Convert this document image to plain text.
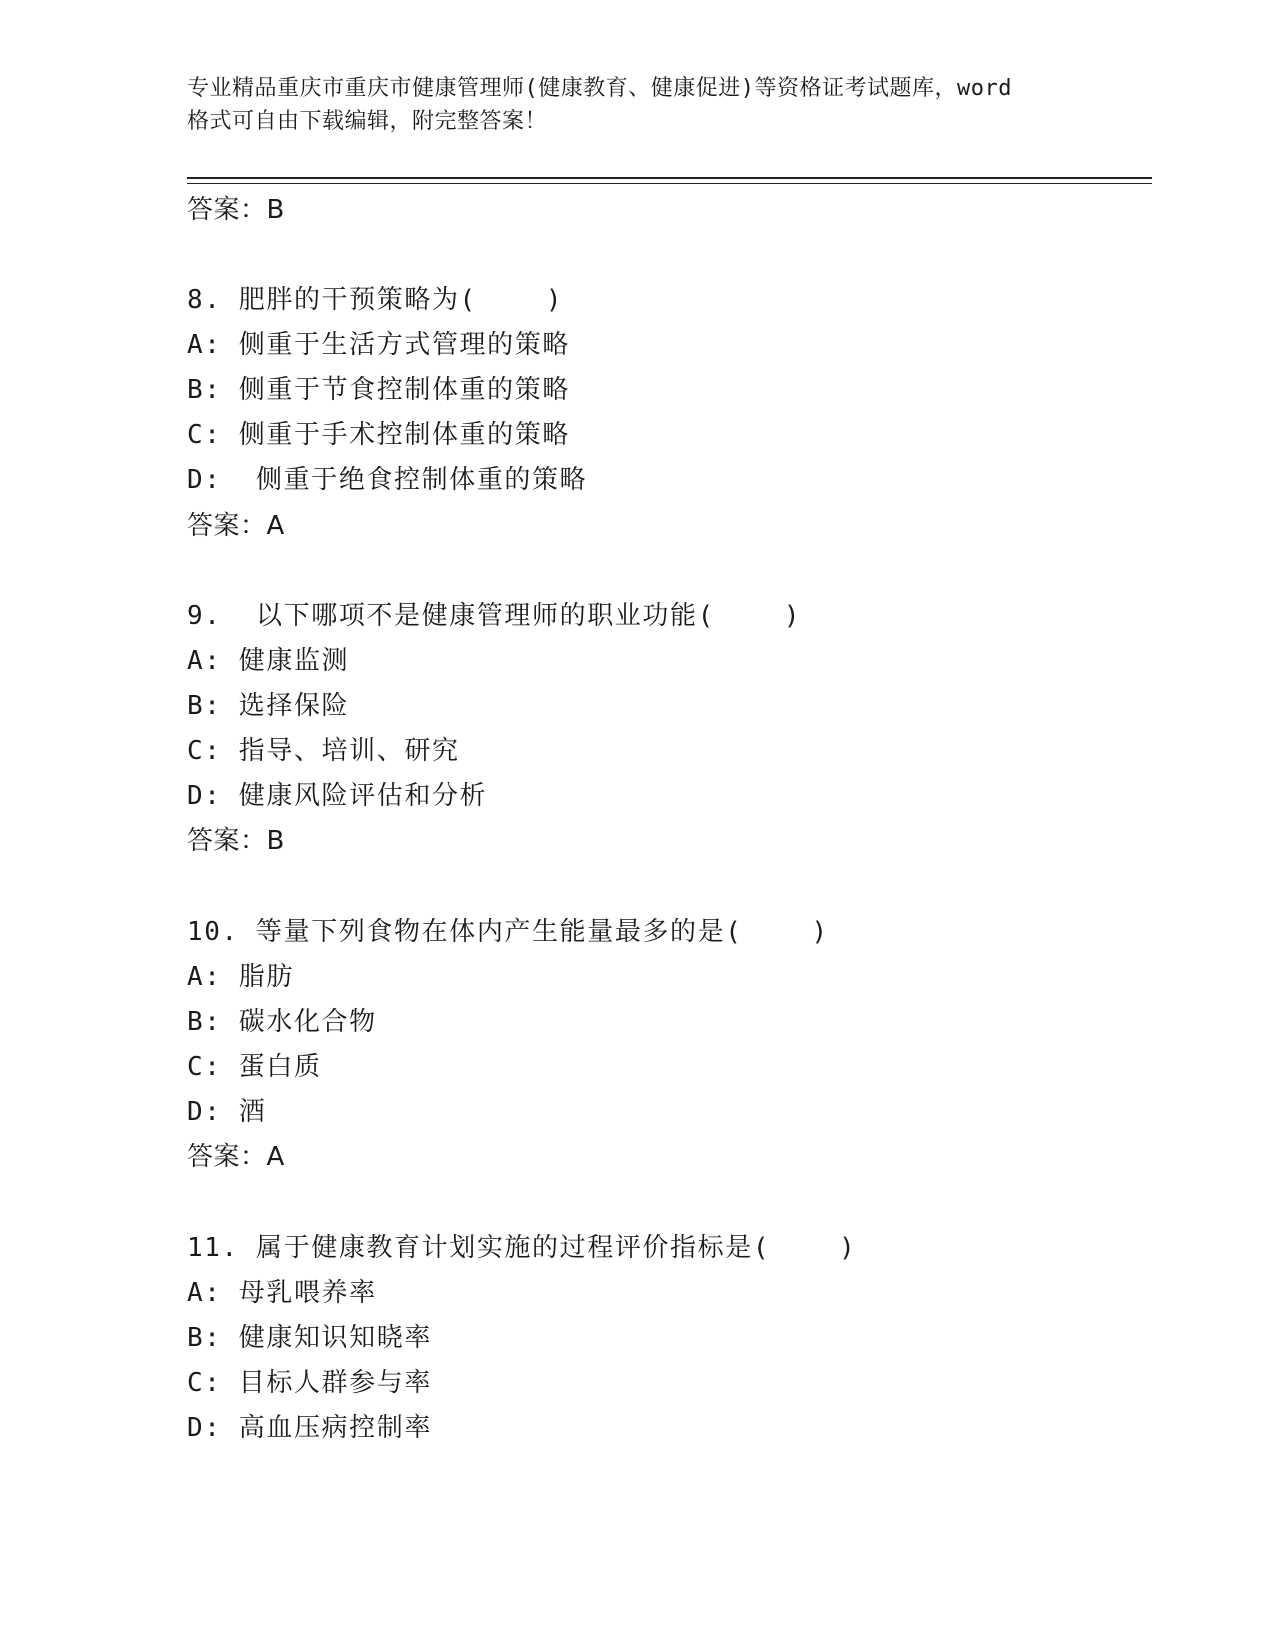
专业精品重庆市重庆市健康管理师(健康教育、健康促进)等资格证考试题库，word
格式可自由下载编辑，附完整答案！
答案：B
8. 肥胖的干预策略为(    )
A: 侧重于生活方式管理的策略
B: 侧重于节食控制体重的策略
C: 侧重于手术控制体重的策略
D:  侧重于绝食控制体重的策略
答案：A
9.  以下哪项不是健康管理师的职业功能(    )
A: 健康监测
B: 选择保险
C: 指导、培训、研究
D: 健康风险评估和分析
答案：B
10. 等量下列食物在体内产生能量最多的是(    )
A: 脂肪
B: 碳水化合物
C: 蛋白质
D: 酒
答案：A
11. 属于健康教育计划实施的过程评价指标是(    )
A: 母乳喂养率
B: 健康知识知晓率
C: 目标人群参与率
D: 高血压病控制率
